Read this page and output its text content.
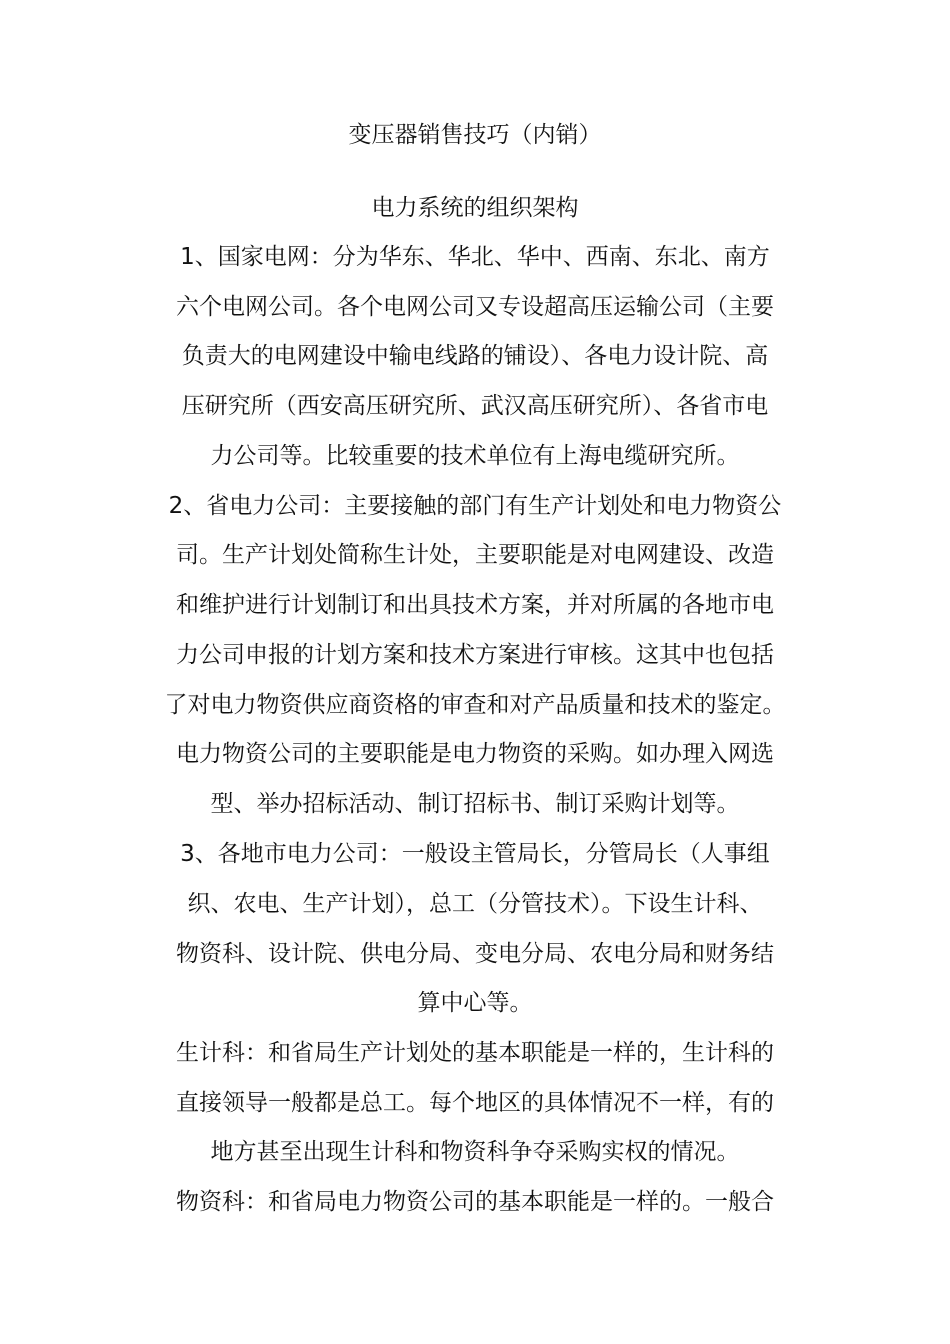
变压器销售技巧（内销）
电力系统的组织架构
1、国家电网：分为华东、华北、华中、西南、东北、南方
六个电网公司。各个电网公司又专设超高压运输公司（主要
负责大的电网建设中输电线路的铺设）、各电力设计院、高
压研究所（西安高压研究所、武汉高压研究所）、各省市电
力公司等。比较重要的技术单位有上海电缆研究所。
2、省电力公司：主要接触的部门有生产计划处和电力物资公
司。生产计划处简称生计处，主要职能是对电网建设、改造
和维护进行计划制订和出具技术方案，并对所属的各地市电
力公司申报的计划方案和技术方案进行审核。这其中也包括
了对电力物资供应商资格的审查和对产品质量和技术的鉴定。
电力物资公司的主要职能是电力物资的采购。如办理入网选
型、举办招标活动、制订招标书、制订采购计划等。
3、各地市电力公司：一般设主管局长，分管局长（人事组
织、农电、生产计划），总工（分管技术）。下设生计科、
物资科、设计院、供电分局、变电分局、农电分局和财务结
算中心等。
生计科：和省局生产计划处的基本职能是一样的，生计科的
直接领导一般都是总工。每个地区的具体情况不一样，有的
地方甚至出现生计科和物资科争夺采购实权的情况。
物资科：和省局电力物资公司的基本职能是一样的。一般合
